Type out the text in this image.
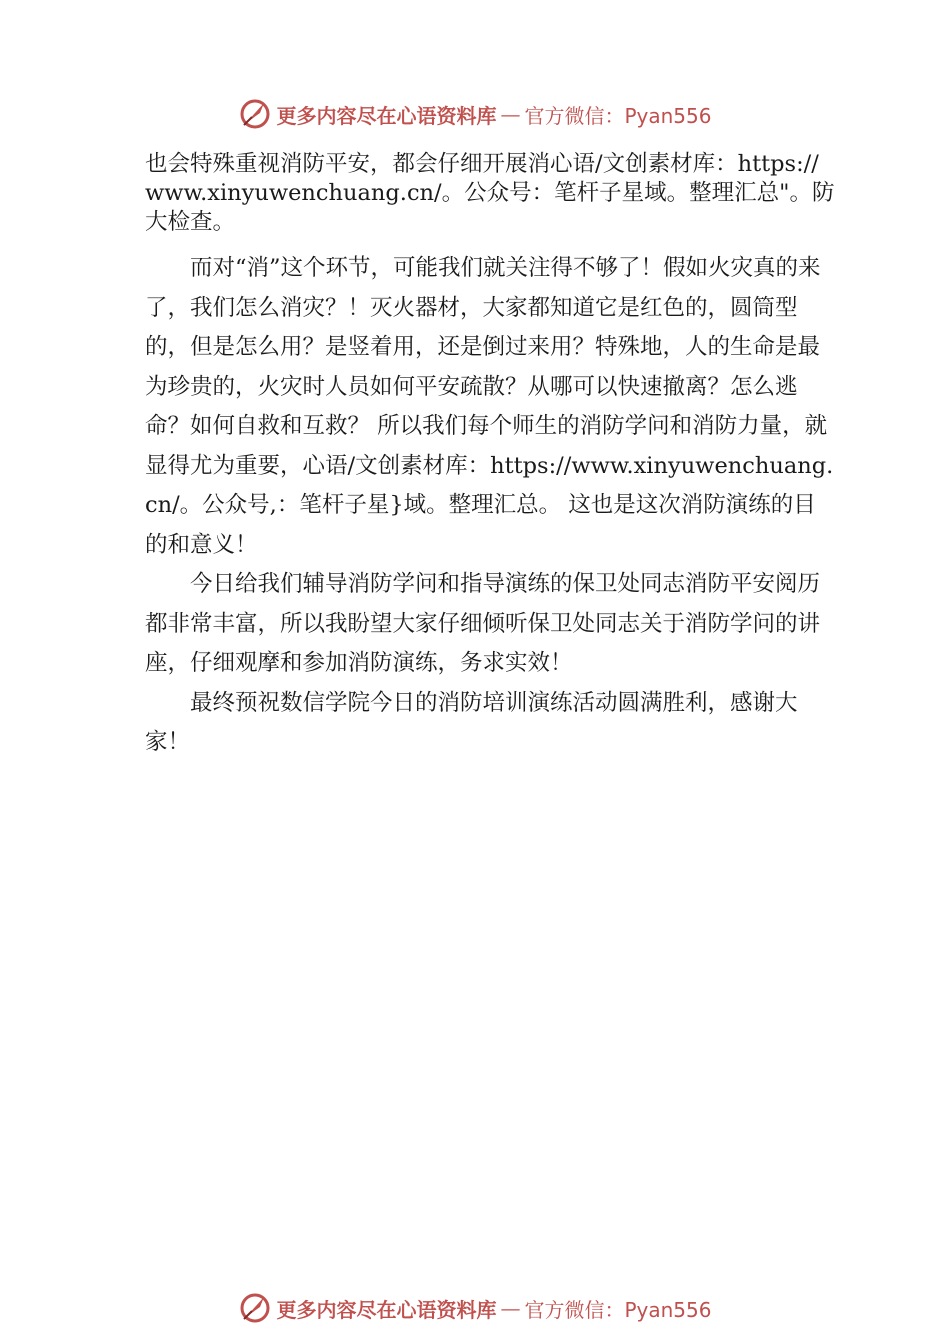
更多内容尽在心语资料库 — 官方微信：Pyan556

也会特殊重视消防平安，都会仔细开展消心语/文创素材库：https://www.xinyuwenchuang.cn/。公众号：笔杆子星域。整理汇总"。防大检查。

而对“消”这个环节，可能我们就关注得不够了！假如火灾真的来了，我们怎么消灾？！灭火器材，大家都知道它是红色的，圆筒型的，但是怎么用？是竖着用，还是倒过来用？特殊地，人的生命是最为珍贵的，火灾时人员如何平安疏散？从哪可以快速撤离？怎么逃命？如何自救和互救？ 所以我们每个师生的消防学问和消防力量，就显得尤为重要，心语/文创素材库：https://www.xinyuwenchuang.cn/。公众号,：笔杆子星}域。整理汇总。 这也是这次消防演练的目的和意义！

今日给我们辅导消防学问和指导演练的保卫处同志消防平安阅历都非常丰富，所以我盼望大家仔细倾听保卫处同志关于消防学问的讲座，仔细观摩和参加消防演练，务求实效！

最终预祝数信学院今日的消防培训演练活动圆满胜利，感谢大家！

更多内容尽在心语资料库 — 官方微信：Pyan556
